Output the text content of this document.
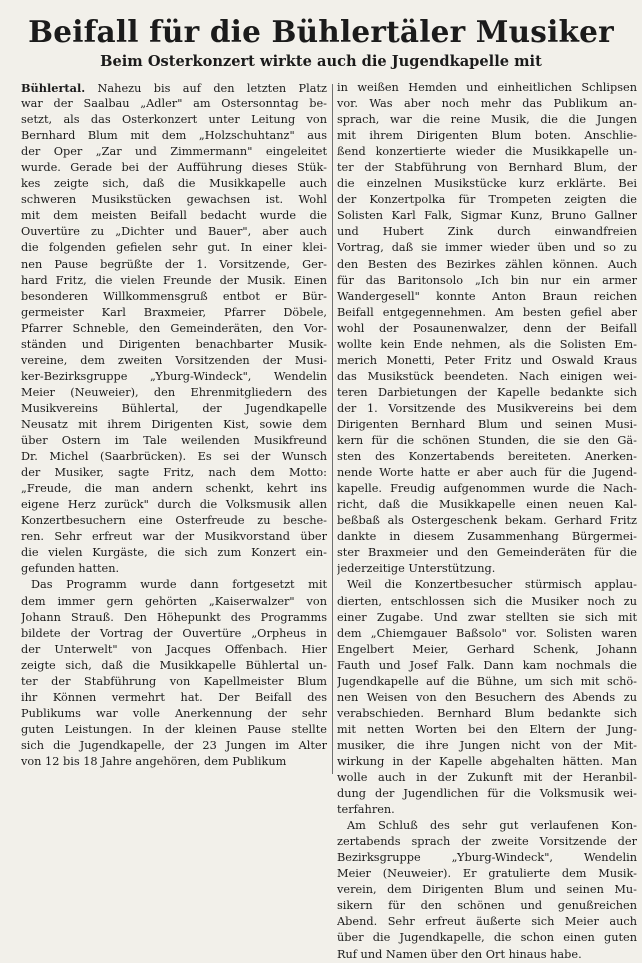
Beifall für die Bühlertäler Musiker
Beim Osterkonzert wirkte auch die Jugendkapelle mit
Bühlertal. Nahezu bis auf den letzten Platz
war der Saalbau „Adler" am Ostersonntag be-
setzt, als das Osterkonzert unter Leitung von
Bernhard Blum mit dem „Holzschuhtanz" aus
der Oper „Zar und Zimmermann" eingeleitet
wurde. Gerade bei der Aufführung dieses Stük-
kes zeigte sich, daß die Musikkapelle auch
schweren Musikstücken gewachsen ist. Wohl
mit dem meisten Beifall bedacht wurde die
Ouvertüre zu „Dichter und Bauer", aber auch
die folgenden gefielen sehr gut. In einer klei-
nen Pause begrüßte der 1. Vorsitzende, Ger-
hard Fritz, die vielen Freunde der Musik. Einen
besonderen Willkommensgruß entbot er Bür-
germeister Karl Braxmeier, Pfarrer Döbele,
Pfarrer Schneble, den Gemeinderäten, den Vor-
ständen und Dirigenten benachbarter Musik-
vereine, dem zweiten Vorsitzenden der Musi-
ker-Bezirksgruppe „Yburg-Windeck", Wendelin
Meier (Neuweier), den Ehrenmitgliedern des
Musikvereins Bühlertal, der Jugendkapelle
Neusatz mit ihrem Dirigenten Kist, sowie dem
über Ostern im Tale weilenden Musikfreund
Dr. Michel (Saarbrücken). Es sei der Wunsch
der Musiker, sagte Fritz, nach dem Motto:
„Freude, die man andern schenkt, kehrt ins
eigene Herz zurück" durch die Volksmusik allen
Konzertbesuchern eine Osterfreude zu besche-
ren. Sehr erfreut war der Musikvorstand über
die vielen Kurgäste, die sich zum Konzert ein-
gefunden hatten.
Das Programm wurde dann fortgesetzt mit
dem immer gern gehörten „Kaiserwalzer" von
Johann Strauß. Den Höhepunkt des Programms
bildete der Vortrag der Ouvertüre „Orpheus in
der Unterwelt" von Jacques Offenbach. Hier
zeigte sich, daß die Musikkapelle Bühlertal un-
ter der Stabführung von Kapellmeister Blum
ihr Können vermehrt hat. Der Beifall des
Publikums war volle Anerkennung der sehr
guten Leistungen. In der kleinen Pause stellte
sich die Jugendkapelle, der 23 Jungen im Alter
von 12 bis 18 Jahre angehören, dem Publikum
in weißen Hemden und einheitlichen Schlipsen
vor. Was aber noch mehr das Publikum an-
sprach, war die reine Musik, die die Jungen
mit ihrem Dirigenten Blum boten. Anschlie-
ßend konzertierte wieder die Musikkapelle un-
ter der Stabführung von Bernhard Blum, der
die einzelnen Musikstücke kurz erklärte. Bei
der Konzertpolka für Trompeten zeigten die
Solisten Karl Falk, Sigmar Kunz, Bruno Gallner
und Hubert Zink durch einwandfreien
Vortrag, daß sie immer wieder üben und so zu
den Besten des Bezirkes zählen können. Auch
für das Baritonsolo „Ich bin nur ein armer
Wandergesell" konnte Anton Braun reichen
Beifall entgegennehmen. Am besten gefiel aber
wohl der Posaunenwalzer, denn der Beifall
wollte kein Ende nehmen, als die Solisten Em-
merich Monetti, Peter Fritz und Oswald Kraus
das Musikstück beendeten. Nach einigen wei-
teren Darbietungen der Kapelle bedankte sich
der 1. Vorsitzende des Musikvereins bei dem
Dirigenten Bernhard Blum und seinen Musi-
kern für die schönen Stunden, die sie den Gä-
sten des Konzertabends bereiteten. Anerken-
nende Worte hatte er aber auch für die Jugend-
kapelle. Freudig aufgenommen wurde die Nach-
richt, daß die Musikkapelle einen neuen Kal-
beßbaß als Ostergeschenk bekam. Gerhard Fritz
dankte in diesem Zusammenhang Bürgermei-
ster Braxmeier und den Gemeinderäten für die
jederzeitige Unterstützung.
Weil die Konzertbesucher stürmisch applau-
dierten, entschlossen sich die Musiker noch zu
einer Zugabe. Und zwar stellten sie sich mit
dem „Chiemgauer Baßsolo" vor. Solisten waren
Engelbert Meier, Gerhard Schenk, Johann
Fauth und Josef Falk. Dann kam nochmals die
Jugendkapelle auf die Bühne, um sich mit schö-
nen Weisen von den Besuchern des Abends zu
verabschieden. Bernhard Blum bedankte sich
mit netten Worten bei den Eltern der Jung-
musiker, die ihre Jungen nicht von der Mit-
wirkung in der Kapelle abgehalten hätten. Man
wolle auch in der Zukunft mit der Heranbil-
dung der Jugendlichen für die Volksmusik wei-
terfahren.
Am Schluß des sehr gut verlaufenen Kon-
zertabends sprach der zweite Vorsitzende der
Bezirksgruppe „Yburg-Windeck", Wendelin
Meier (Neuweier). Er gratulierte dem Musik-
verein, dem Dirigenten Blum und seinen Mu-
sikern für den schönen und genußreichen
Abend. Sehr erfreut äußerte sich Meier auch
über die Jugendkapelle, die schon einen guten
Ruf und Namen über den Ort hinaus habe.
